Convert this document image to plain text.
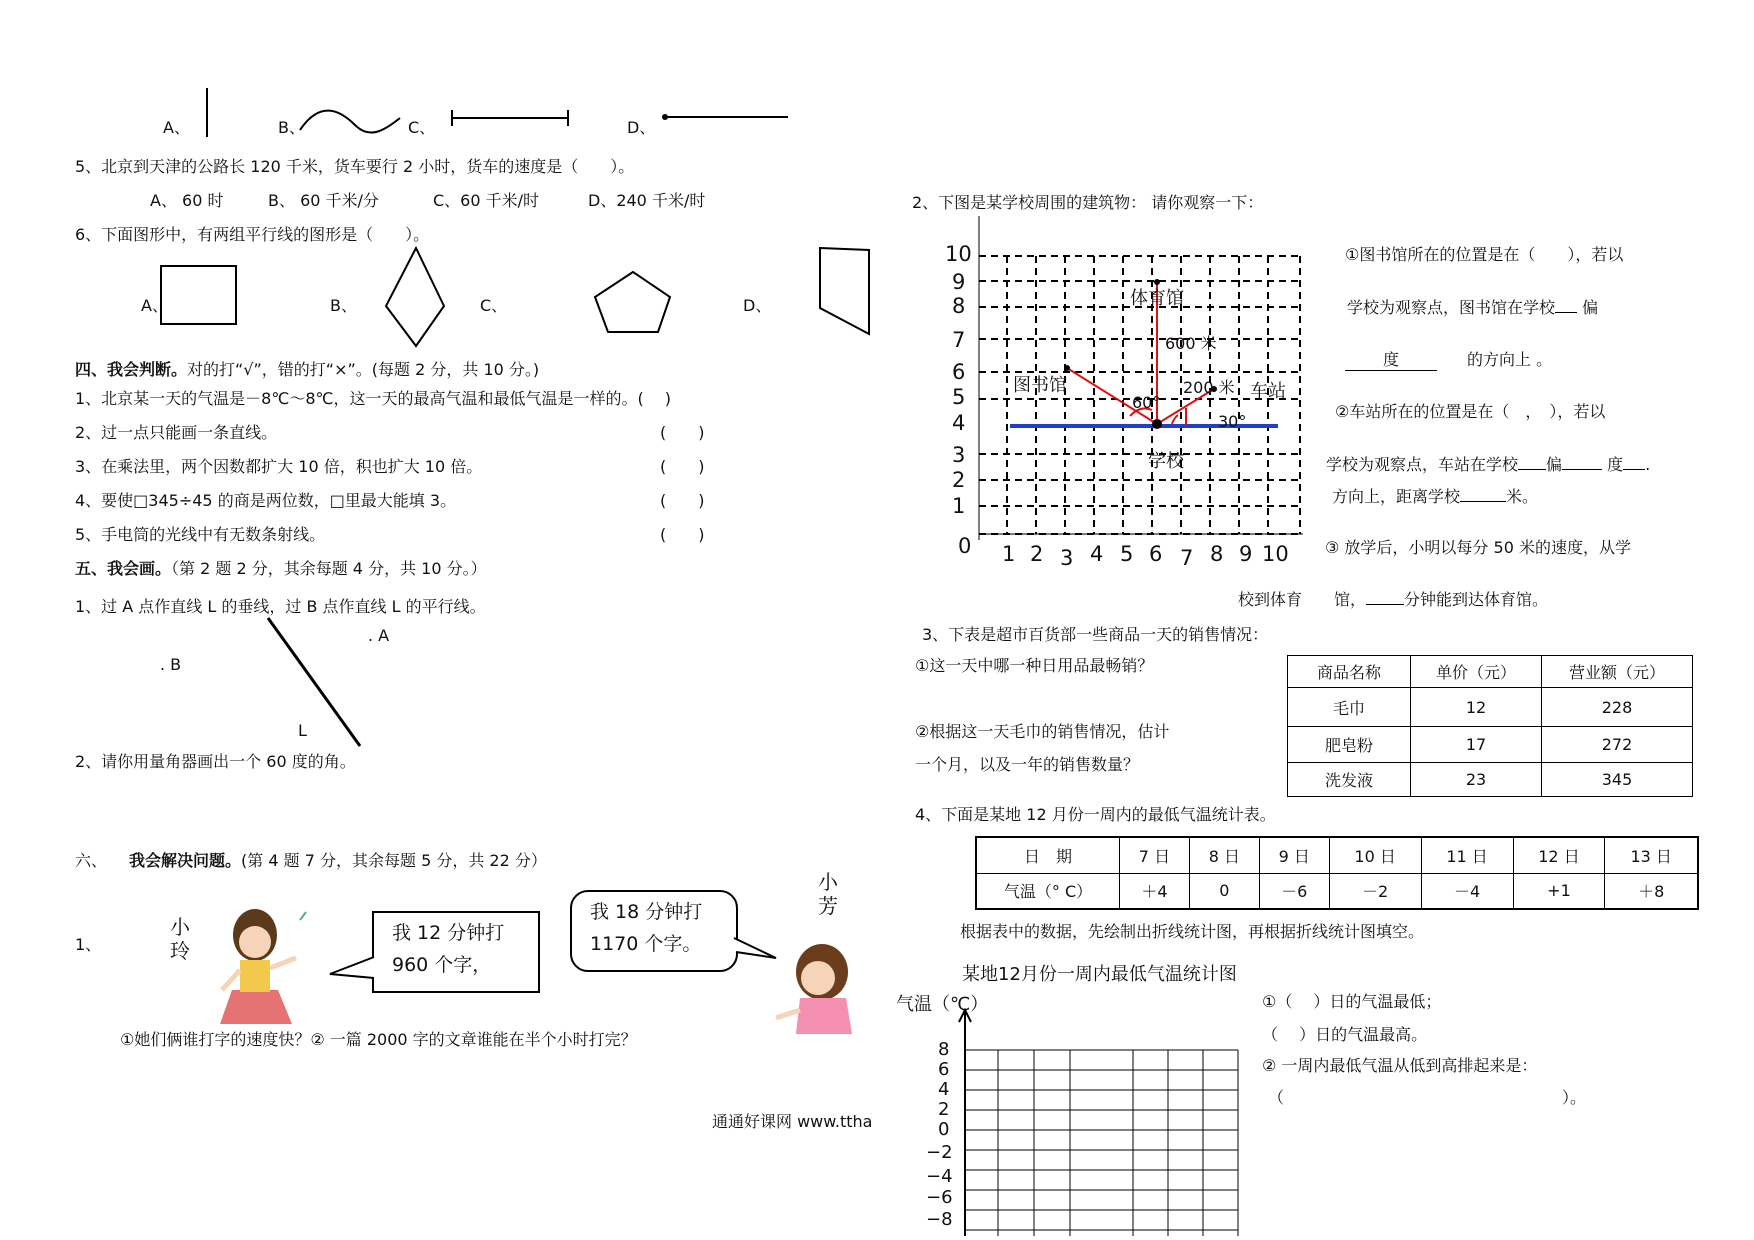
A、	B、	C、	D、
5、北京到天津的公路长 120 千米，货车要行 2 小时，货车的速度是（　　）。
A、 60 时	B、 60 千米/分	C、60 千米/时	D、240 千米/时
6、下面图形中，有两组平行线的图形是（　　）。
A、	B、	C、	D、
四、我会判断。对的打“√”，错的打“×”。(每题 2 分，共 10 分。)
1、北京某一天的气温是－8℃～8℃，这一天的最高气温和最低气温是一样的。(　 )
2、过一点只能画一条直线。	(　　)
3、在乘法里，两个因数都扩大 10 倍，积也扩大 10 倍。	(　　)
4、要使□345÷45 的商是两位数，□里最大能填 3。	(　　)
5、手电筒的光线中有无数条射线。	(　　)
五、我会画。（第 2 题 2 分，其余每题 4 分，共 10 分。）
1、过 A 点作直线 L 的垂线，过 B 点作直线 L 的平行线。
. A
. B
L
2、请你用量角器画出一个 60 度的角。
六、 我会解决问题。(第 4 题 7 分，其余每题 5 分，共 22 分）
1、
小
玲
小
芳
我 12 分钟打
960 个字，
我 18 分钟打
1170 个字。
①她们俩谁打字的速度快？② 一篇 2000 字的文章谁能在半个小时打完？
通通好课网 www.ttha
2、下图是某学校周围的建筑物： 请你观察一下：
10
9
8
7
6
5
4
3
2
1
0 1 2 3 4 5 6 7 8 9 10
体育馆
图书馆	车站
学校
600 米
200 米
60°
30°
①图书馆所在的位置是在（　　），若以
学校为观察点，图书馆在学校 偏
度	的方向上 。
②车站所在的位置是在（　，　），若以
学校为观察点，车站在学校 偏	度 .
方向上，距离学校	米。
③ 放学后，小明以每分 50 米的速度，从学
校到体育　　馆， 分钟能到达体育馆。
3、下表是超市百货部一些商品一天的销售情况：
①这一天中哪一种日用品最畅销？
②根据这一天毛巾的销售情况，估计
一个月，以及一年的销售数量？
商品名称	单价（元）	营业额（元）
毛巾	12	228
肥皂粉	17	272
洗发液	23	345
4、下面是某地 12 月份一周内的最低气温统计表。
日　期	7 日	8 日	9 日	10 日	11 日	12 日	13 日
气温（° C）	＋4	0	－6	－2	－4	+1	＋8
根据表中的数据，先绘制出折线统计图，再根据折线统计图填空。
某地12月份一周内最低气温统计图
气温（℃）
8
6
4
2
0
−2
−4
−6
−8
①（　 ）日的气温最低；
（　 ）日的气温最高。
② 一周内最低气温从低到高排起来是：
（	）。
